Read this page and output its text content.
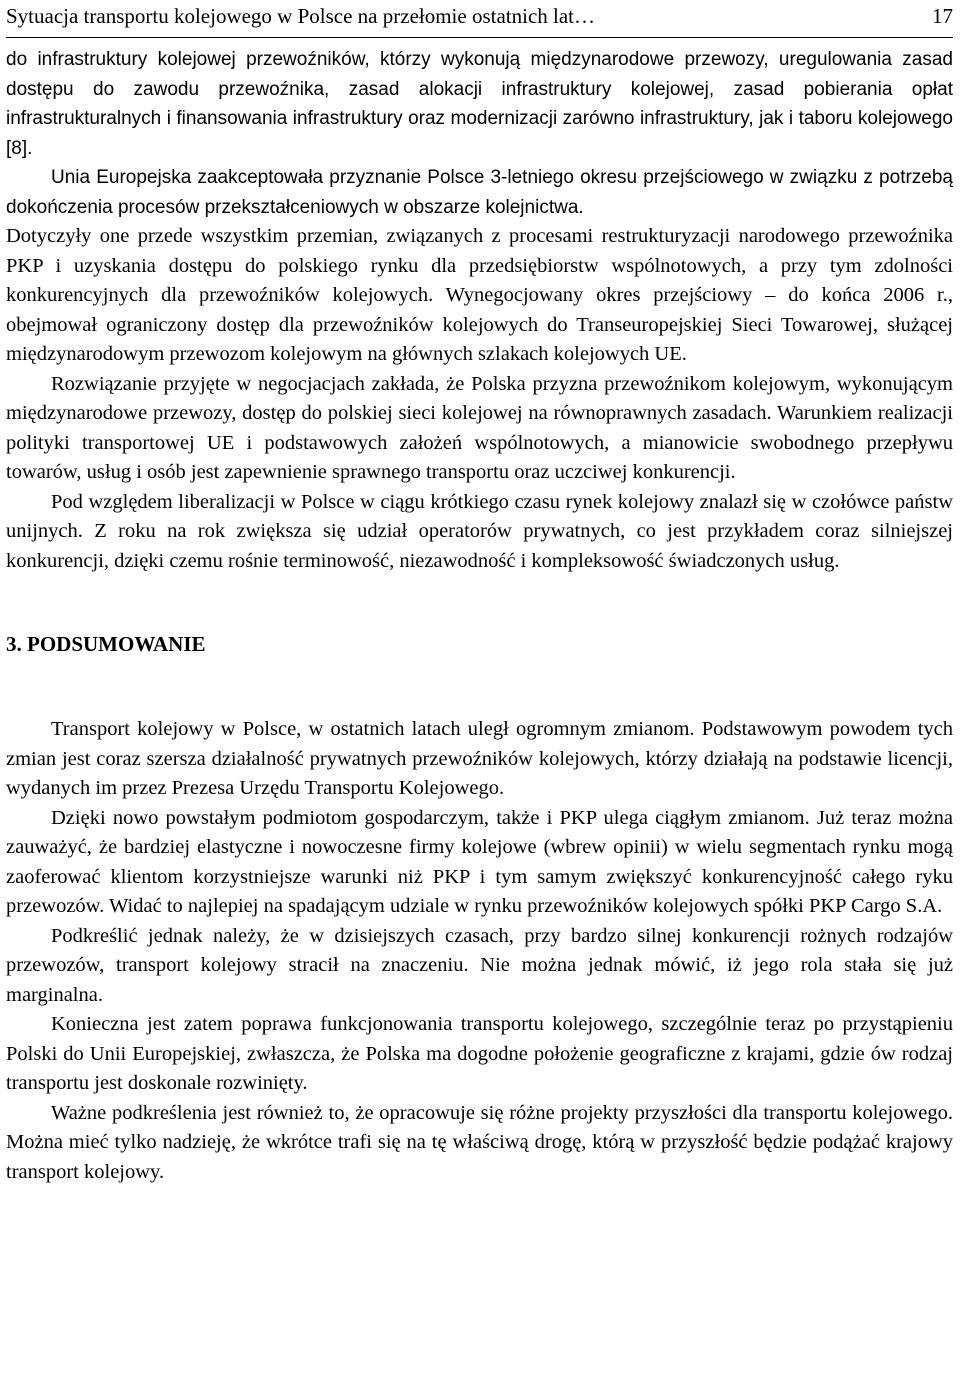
Sytuacja transportu kolejowego w Polsce na przełomie ostatnich lat…	17

do infrastruktury kolejowej przewoźników, którzy wykonują międzynarodowe przewozy, uregulowania zasad dostępu do zawodu przewoźnika, zasad alokacji infrastruktury kolejowej, zasad pobierania opłat infrastrukturalnych i finansowania infrastruktury oraz modernizacji zarówno infrastruktury, jak i taboru kolejowego [8].

Unia Europejska zaakceptowała przyznanie Polsce 3-letniego okresu przejściowego w związku z potrzebą dokończenia procesów przekształceniowych w obszarze kolejnictwa.

Dotyczyły one przede wszystkim przemian, związanych z procesami restrukturyzacji narodowego przewoźnika PKP i uzyskania dostępu do polskiego rynku dla przedsiębiorstw wspólnotowych, a przy tym zdolności konkurencyjnych dla przewoźników kolejowych. Wynegocjowany okres przejściowy – do końca 2006 r., obejmował ograniczony dostęp dla przewoźników kolejowych do Transeuropejskiej Sieci Towarowej, służącej międzynarodowym przewozom kolejowym na głównych szlakach kolejowych UE.

Rozwiązanie przyjęte w negocjacjach zakłada, że Polska przyzna przewoźnikom kolejowym, wykonującym międzynarodowe przewozy, dostęp do polskiej sieci kolejowej na równoprawnych zasadach. Warunkiem realizacji polityki transportowej UE i podstawowych założeń wspólnotowych, a mianowicie swobodnego przepływu towarów, usług i osób jest zapewnienie sprawnego transportu oraz uczciwej konkurencji.

Pod względem liberalizacji w Polsce w ciągu krótkiego czasu rynek kolejowy znalazł się w czołówce państw unijnych. Z roku na rok zwiększa się udział operatorów prywatnych, co jest przykładem coraz silniejszej konkurencji, dzięki czemu rośnie terminowość, niezawodność i kompleksowość świadczonych usług.

3. PODSUMOWANIE

Transport kolejowy w Polsce, w ostatnich latach uległ ogromnym zmianom. Podstawowym powodem tych zmian jest coraz szersza działalność prywatnych przewoźników kolejowych, którzy działają na podstawie licencji, wydanych im przez Prezesa Urzędu Transportu Kolejowego.

Dzięki nowo powstałym podmiotom gospodarczym, także i PKP ulega ciągłym zmianom. Już teraz można zauważyć, że bardziej elastyczne i nowoczesne firmy kolejowe (wbrew opinii) w wielu segmentach rynku mogą zaoferować klientom korzystniejsze warunki niż PKP i tym samym zwiększyć konkurencyjność całego ryku przewozów. Widać to najlepiej na spadającym udziale w rynku przewoźników kolejowych spółki PKP Cargo S.A.

Podkreślić jednak należy, że w dzisiejszych czasach, przy bardzo silnej konkurencji rożnych rodzajów przewozów, transport kolejowy stracił na znaczeniu. Nie można jednak mówić, iż jego rola stała się już marginalna.

Konieczna jest zatem poprawa funkcjonowania transportu kolejowego, szczególnie teraz po przystąpieniu Polski do Unii Europejskiej, zwłaszcza, że Polska ma dogodne położenie geograficzne z krajami, gdzie ów rodzaj transportu jest doskonale rozwinięty.

Ważne podkreślenia jest również to, że opracowuje się różne projekty przyszłości dla transportu kolejowego. Można mieć tylko nadzieję, że wkrótce trafi się na tę właściwą drogę, którą w przyszłość będzie podążać krajowy transport kolejowy.
